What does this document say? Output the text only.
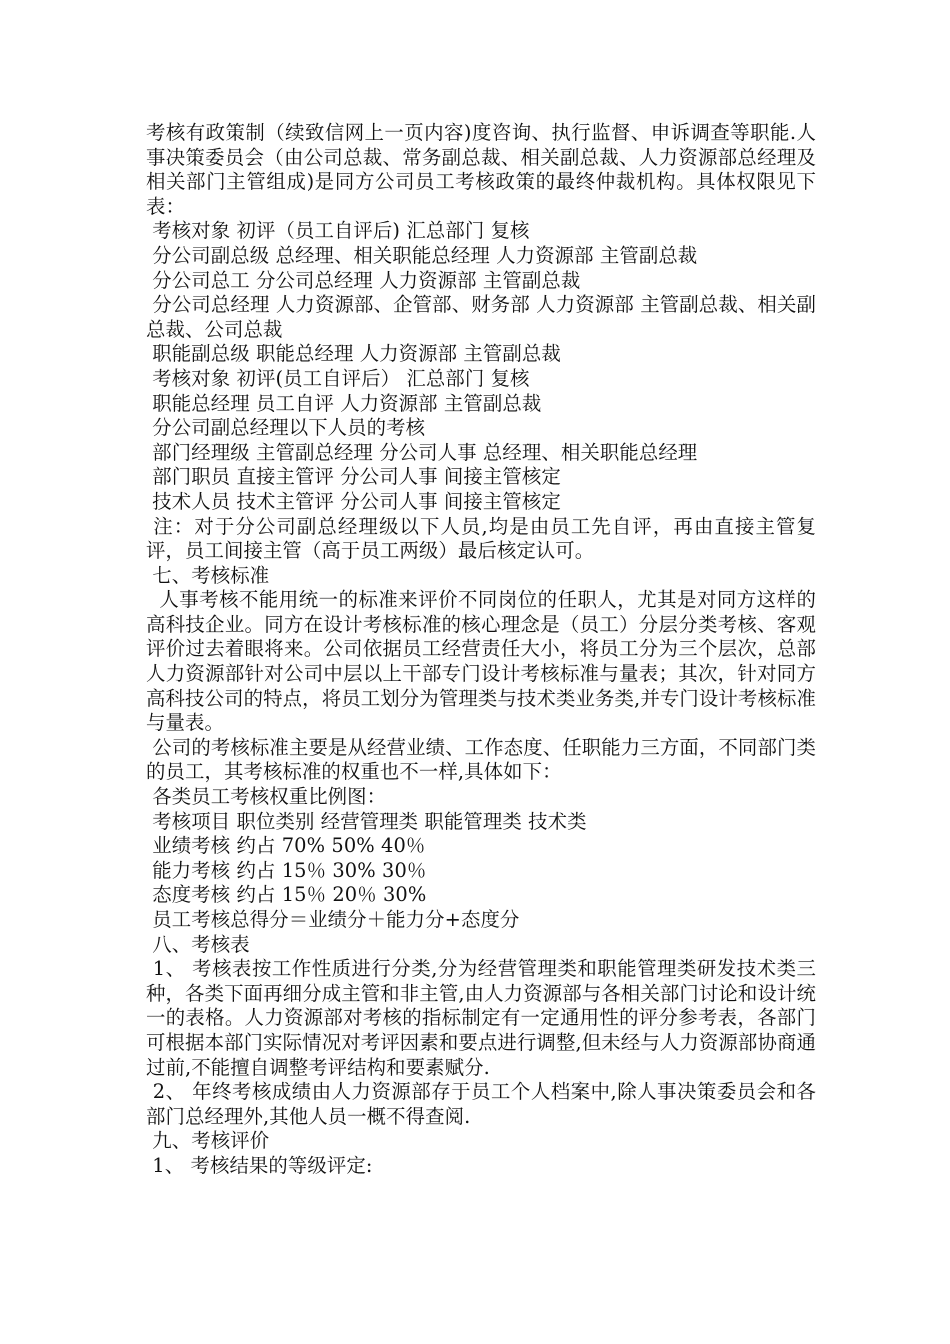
考核有政策制（续致信网上一页内容)度咨询、执行监督、申诉调查等职能.人事决策委员会（由公司总裁、常务副总裁、相关副总裁、人力资源部总经理及相关部门主管组成)是同方公司员工考核政策的最终仲裁机构。具体权限见下表：
考核对象 初评（员工自评后) 汇总部门 复核
分公司副总级 总经理、相关职能总经理 人力资源部 主管副总裁
分公司总工 分公司总经理 人力资源部 主管副总裁
分公司总经理 人力资源部、企管部、财务部 人力资源部 主管副总裁、相关副总裁、公司总裁
职能副总级 职能总经理 人力资源部 主管副总裁
考核对象 初评(员工自评后） 汇总部门 复核
职能总经理 员工自评 人力资源部 主管副总裁
分公司副总经理以下人员的考核
部门经理级 主管副总经理 分公司人事 总经理、相关职能总经理
部门职员 直接主管评 分公司人事 间接主管核定
技术人员 技术主管评 分公司人事 间接主管核定
注：对于分公司副总经理级以下人员,均是由员工先自评，再由直接主管复评，员工间接主管（高于员工两级）最后核定认可。
七、考核标准
人事考核不能用统一的标准来评价不同岗位的任职人，尤其是对同方这样的高科技企业。同方在设计考核标准的核心理念是（员工）分层分类考核、客观评价过去着眼将来。公司依据员工经营责任大小，将员工分为三个层次，总部人力资源部针对公司中层以上干部专门设计考核标准与量表；其次，针对同方高科技公司的特点，将员工划分为管理类与技术类业务类,并专门设计考核标准与量表。
公司的考核标准主要是从经营业绩、工作态度、任职能力三方面，不同部门类的员工，其考核标准的权重也不一样,具体如下：
各类员工考核权重比例图：
考核项目 职位类别 经营管理类 职能管理类 技术类
业绩考核 约占 70% 50% 40％
能力考核 约占 15％ 30% 30％
态度考核 约占 15％ 20％ 30%
员工考核总得分＝业绩分＋能力分+态度分
八、考核表
1、 考核表按工作性质进行分类,分为经营管理类和职能管理类研发技术类三种，各类下面再细分成主管和非主管,由人力资源部与各相关部门讨论和设计统一的表格。人力资源部对考核的指标制定有一定通用性的评分参考表，各部门可根据本部门实际情况对考评因素和要点进行调整,但未经与人力资源部协商通过前,不能擅自调整考评结构和要素赋分.
2、 年终考核成绩由人力资源部存于员工个人档案中,除人事决策委员会和各部门总经理外,其他人员一概不得查阅.
九、考核评价
1、 考核结果的等级评定:
